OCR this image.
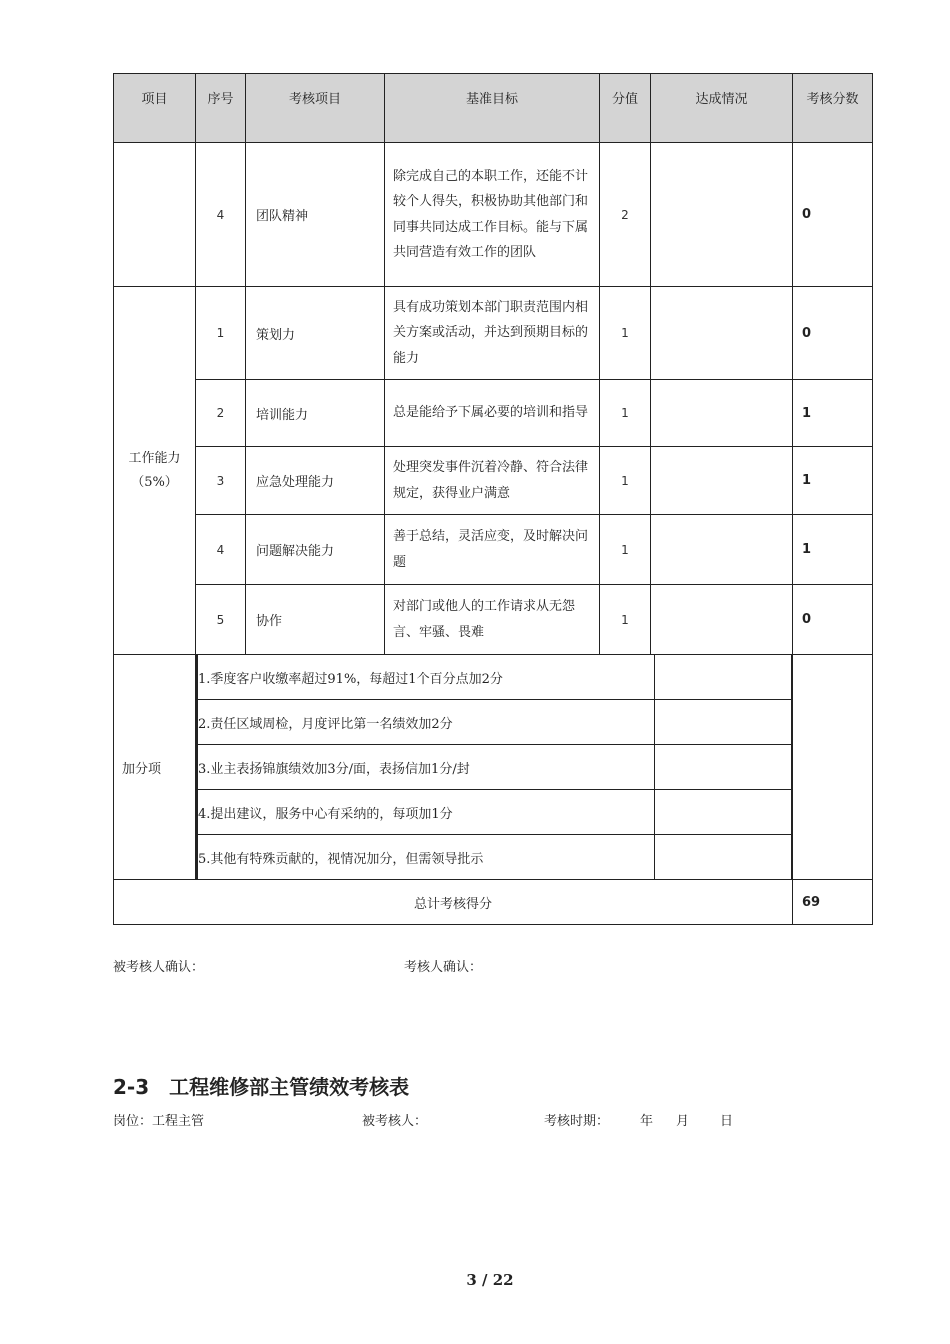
项目	序号	考核项目	基准目标	分值	达成情况	考核分数
	4	团队精神	除完成自己的本职工作，还能不计较个人得失，积极协助其他部门和同事共同达成工作目标。能与下属共同营造有效工作的团队	2		0
工作能力（5%）	1	策划力	具有成功策划本部门职责范围内相关方案或活动，并达到预期目标的能力	1		0
2	培训能力	总是能给予下属必要的培训和指导	1		1
3	应急处理能力	处理突发事件沉着冷静、符合法律规定，获得业户满意	1		1
4	问题解决能力	善于总结，灵活应变，及时解决问题	1		1
5	协作	对部门或他人的工作请求从无怨言、牢骚、畏难	1		0
加分项	
1.季度客户收缴率超过91%，每超过1个百分点加2分	
2.责任区域周检，月度评比第一名绩效加2分	
3.业主表扬锦旗绩效加3分/面，表扬信加1分/封	
4.提出建议，服务中心有采纳的，每项加1分	
5.其他有特殊贡献的，视情况加分，但需领导批示	

总计考核得分	69
被考核人确认：	考核人确认：
2-3　工程维修部主管绩效考核表
岗位：工程主管	被考核人：	考核时期： 年 月 日
3 / 22
